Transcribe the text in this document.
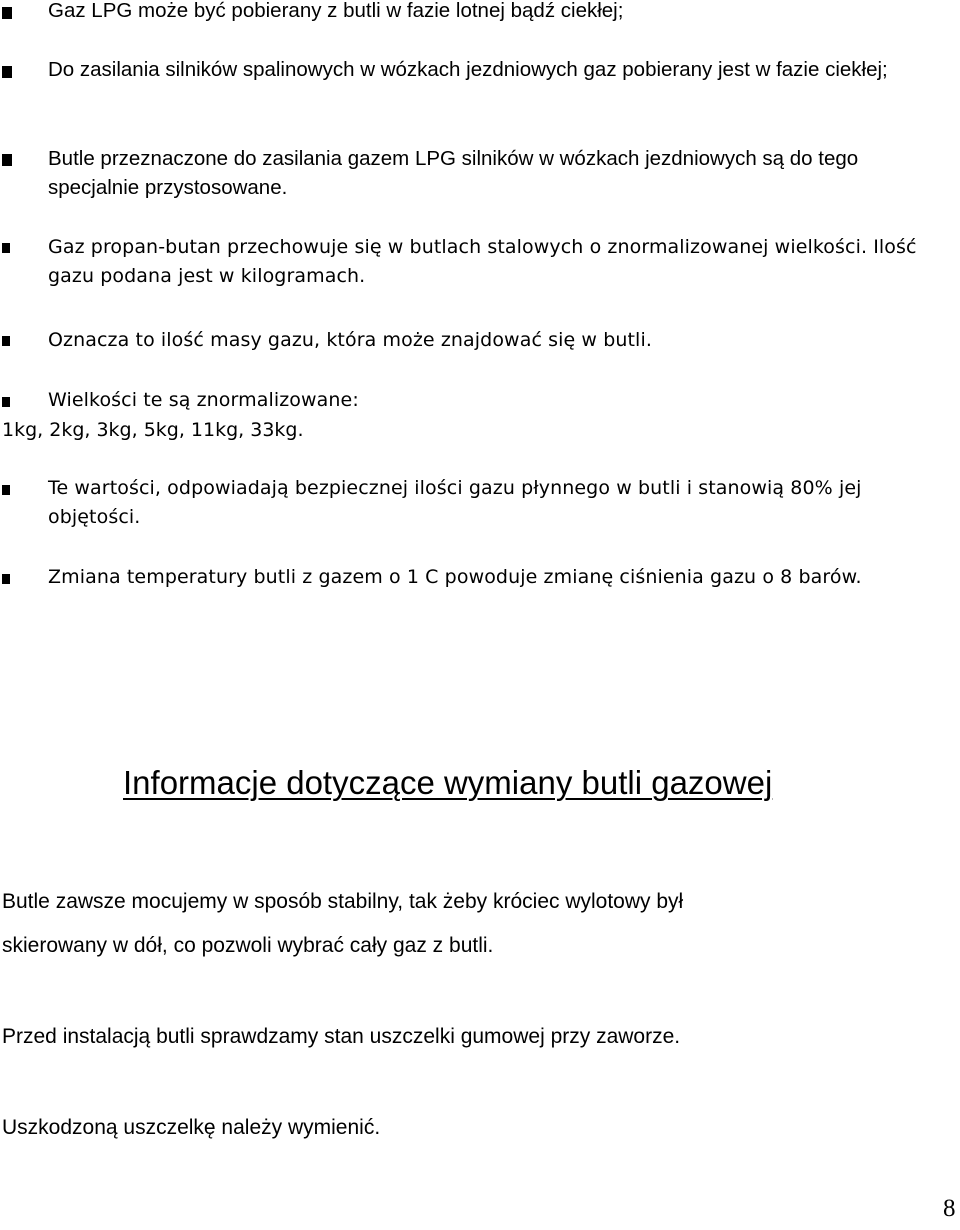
Gaz LPG może być pobierany z butli w fazie lotnej bądź ciekłej;
Do zasilania silników spalinowych w wózkach jezdniowych gaz pobierany jest w fazie ciekłej;
Butle przeznaczone do zasilania gazem LPG silników w wózkach jezdniowych są do tego specjalnie przystosowane.
Gaz propan-butan przechowuje się w butlach stalowych o znormalizowanej wielkości. Ilość gazu podana jest w kilogramach.
Oznacza to ilość masy gazu, która może znajdować się w butli.
Wielkości te są znormalizowane:
1kg, 2kg, 3kg, 5kg, 11kg, 33kg.
Te wartości, odpowiadają bezpiecznej ilości gazu płynnego w butli i stanowią 80% jej objętości.
Zmiana temperatury butli z gazem o 1 C powoduje zmianę ciśnienia gazu o 8 barów.
Informacje dotyczące wymiany butli gazowej
Butle zawsze mocujemy w sposób stabilny, tak żeby króciec wylotowy był
skierowany w dół, co pozwoli wybrać cały gaz z butli.
Przed instalacją butli sprawdzamy stan uszczelki gumowej przy zaworze.
Uszkodzoną uszczelkę należy wymienić.
8
